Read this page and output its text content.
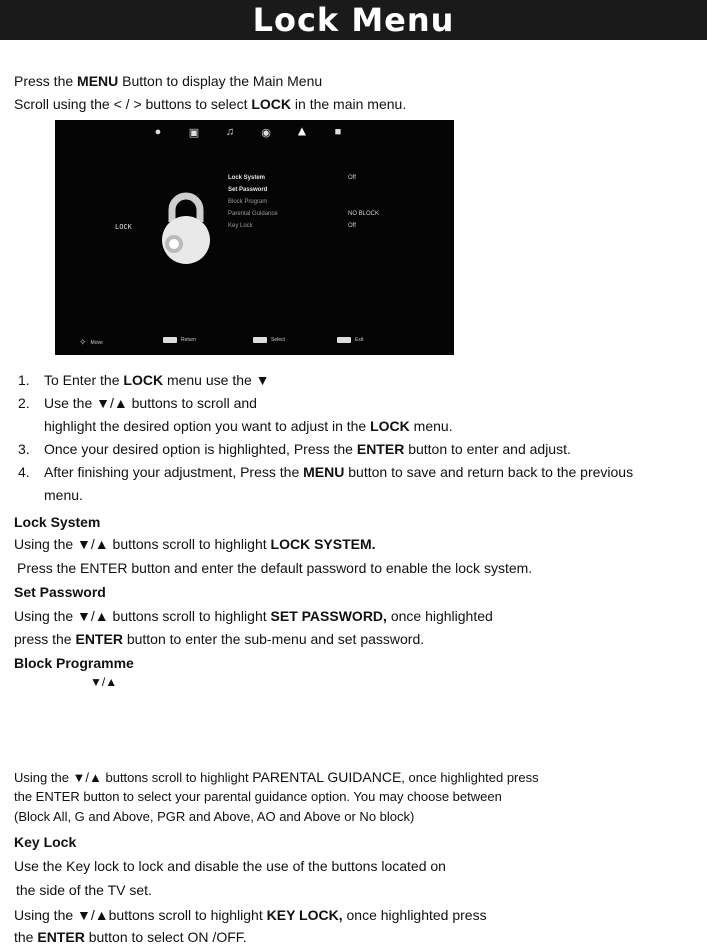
Lock Menu
Press the MENU Button to display the Main Menu
Scroll using the < / > buttons to select LOCK in the main menu.
●	▣ ♫ ◉ ▲	■
LOCK
Lock System	Off
Set Password
Block Program
Parental Guidance	NO BLOCK
Key Lock	Off
✧ Move	Return	Select	Exit
1. To Enter the LOCK menu use the ▼
2. Use the ▼/▲ buttons to scroll and
highlight the desired option you want to adjust in the LOCK menu.
3. Once your desired option is highlighted, Press the ENTER button to enter and adjust.
4. After finishing your adjustment, Press the MENU button to save and return back to the previous
menu.
Lock System
Using the ▼/▲ buttons scroll to highlight LOCK SYSTEM.
Press the ENTER button and enter the default password to enable the lock system.
Set Password
Using the ▼/▲ buttons scroll to highlight SET PASSWORD, once highlighted
press the ENTER button to enter the sub-menu and set password.
Block Programme
▼/▲
Using the ▼/▲ buttons scroll to highlight PARENTAL GUIDANCE, once highlighted press
the ENTER button to select your parental guidance option. You may choose between
(Block All, G and Above, PGR and Above, AO and Above or No block)
Key Lock
Use the Key lock to lock and disable the use of the buttons located on
the side of the TV set.
Using the ▼/▲buttons scroll to highlight KEY LOCK, once highlighted press
the ENTER button to select ON /OFF.
